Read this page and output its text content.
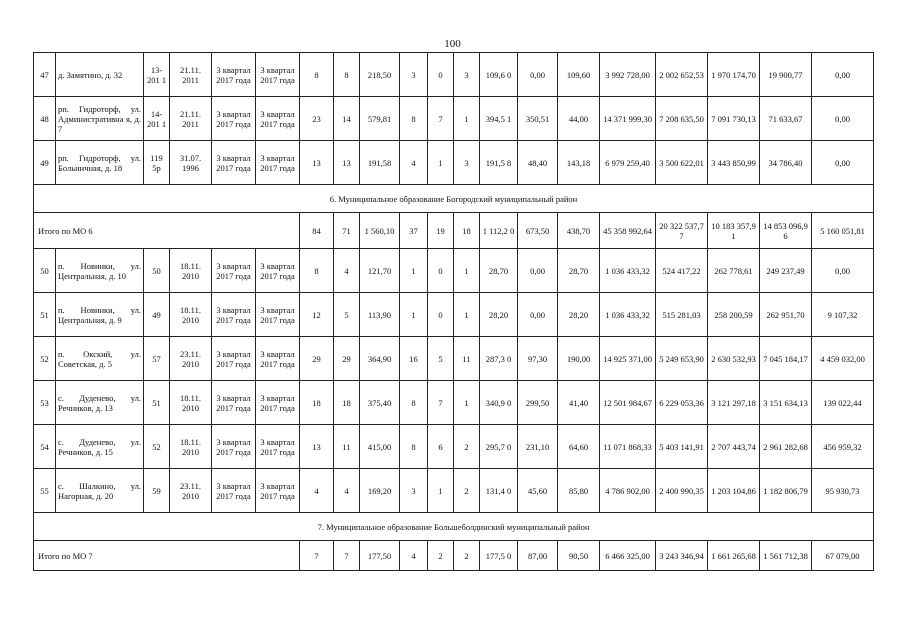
100
47	д. Замятино, д. 32	13-201 1	21.11. 2011	3 квартал 2017 года	3 квартал 2017 года	8	8	218,50	3	0	3	109,6 0	0,00	109,60	3 992 728,00	2 002 652,53	1 970 174,70	19 900,77	0,00
48	рп. Гидроторф, ул. Административна я, д. 7	14-201 1	21.11. 2011	3 квартал 2017 года	3 квартал 2017 года	23	14	579,81	8	7	1	394,5 1	350,51	44,00	14 371 999,30	7 208 635,50	7 091 730,13	71 633,67	0,00
49	рп. Гидроторф, ул. Больничная, д. 18	119 5р	31.07. 1996	3 квартал 2017 года	3 квартал 2017 года	13	13	191,58	4	1	3	191,5 8	48,40	143,18	6 979 259,40	3 500 622,01	3 443 850,99	34 786,40	0,00
6. Муниципальное образование Богородский муниципальный район																			
Итого по МО 6						84	71	1 560,10	37	19	18	1 112,2 0	673,50	438,70	45 358 992,64	20 322 537,77	10 183 357,91	14 853 096,96	5 160 051,81
50	п. Новинки, ул. Центральная, д. 10	50	18.11. 2010	3 квартал 2017 года	3 квартал 2017 года	8	4	121,70	1	0	1	28,70	0,00	28,70	1 036 433,32	524 417,22	262 778,61	249 237,49	0,00
51	п. Новинки, ул. Центральная, д. 9	49	18.11. 2010	3 квартал 2017 года	3 квартал 2017 года	12	5	113,90	1	0	1	28,20	0,00	28,20	1 036 433,32	515 281,03	258 200,59	262 951,70	9 107,32
52	п. Окский, ул. Советская, д. 5	57	23.11. 2010	3 квартал 2017 года	3 квартал 2017 года	29	29	364,90	16	5	11	287,3 0	97,30	190,00	14 925 371,00	5 249 653,90	2 630 532,93	7 045 184,17	4 459 032,00
53	с. Дуденево, ул. Речников, д. 13	51	18.11. 2010	3 квартал 2017 года	3 квартал 2017 года	18	18	375,40	8	7	1	340,9 0	299,50	41,40	12 501 984,67	6 229 053,36	3 121 297,18	3 151 634,13	139 022,44
54	с. Дуденево, ул. Речников, д. 15	52	18.11. 2010	3 квартал 2017 года	3 квартал 2017 года	13	11	415,00	8	6	2	295,7 0	231,10	64,60	11 071 868,33	5 403 141,91	2 707 443,74	2 961 282,68	456 959,32
55	с. Шалкино, ул. Нагорная, д. 20	59	23.11. 2010	3 квартал 2017 года	3 квартал 2017 года	4	4	169,20	3	1	2	131,4 0	45,60	85,80	4 786 902,00	2 400 990,35	1 203 104,86	1 182 806,79	95 930,73
7. Муниципальное образование Большеболдинский муниципальный район																			
Итого по МО 7						7	7	177,50	4	2	2	177,5 0	87,00	90,50	6 466 325,00	3 243 346,94	1 661 265,68	1 561 712,38	67 079,00
